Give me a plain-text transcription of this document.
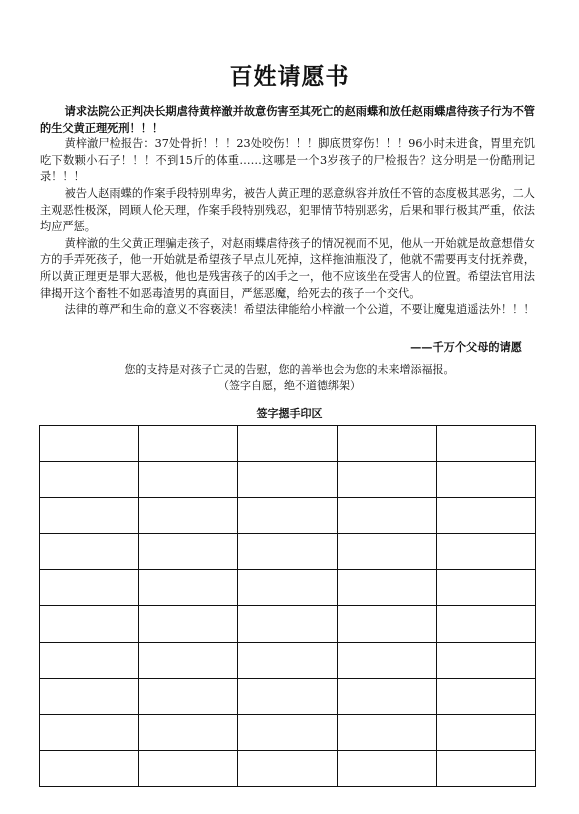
百姓请愿书

请求法院公正判决长期虐待黄梓澈并故意伤害至其死亡的赵雨蝶和放任赵雨蝶虐待孩子行为不管的生父黄正理死刑！！！

黄梓澈尸检报告：37处骨折！！！23处咬伤！！！脚底贯穿伤！！！96小时未进食，胃里充饥吃下数颗小石子！！！不到15斤的体重……这哪是一个3岁孩子的尸检报告？这分明是一份酷刑记录！！！

被告人赵雨蝶的作案手段特别卑劣，被告人黄正理的恶意纵容并放任不管的态度极其恶劣，二人主观恶性极深，罔顾人伦天理，作案手段特别残忍，犯罪情节特别恶劣，后果和罪行极其严重，依法均应严惩。

黄梓澈的生父黄正理骗走孩子，对赵雨蝶虐待孩子的情况视而不见，他从一开始就是故意想借女方的手弄死孩子，他一开始就是希望孩子早点儿死掉，这样拖油瓶没了，他就不需要再支付抚养费，所以黄正理更是罪大恶极，他也是残害孩子的凶手之一，他不应该坐在受害人的位置。希望法官用法律揭开这个畜牲不如恶毒渣男的真面目，严惩恶魔，给死去的孩子一个交代。

法律的尊严和生命的意义不容亵渎！希望法律能给小梓澈一个公道，不要让魔鬼逍遥法外！！！

——千万个父母的请愿
您的支持是对孩子亡灵的告慰，您的善举也会为您的未来增添福报。
（签字自愿，绝不道德绑架）
签字摁手印区
